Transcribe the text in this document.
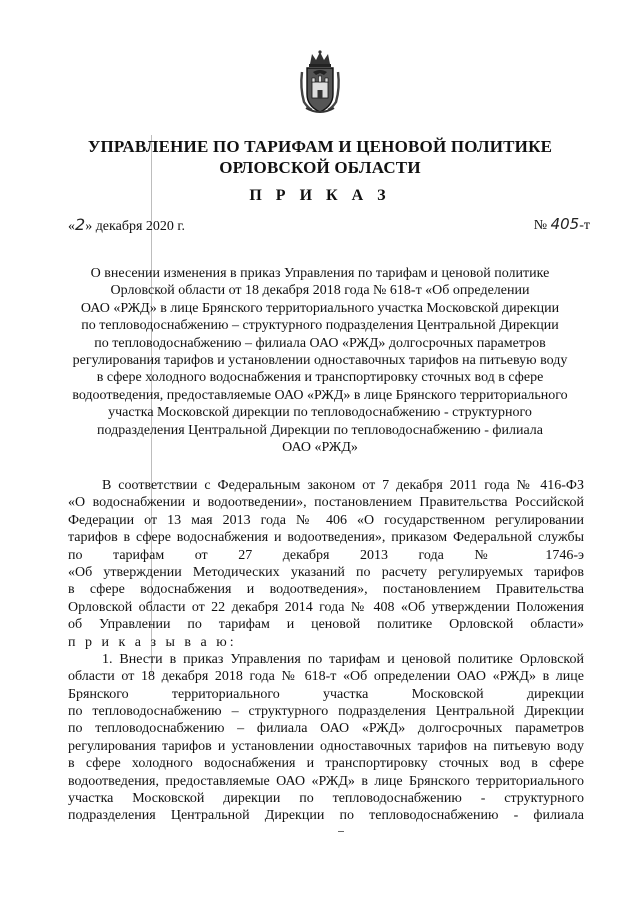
УПРАВЛЕНИЕ ПО ТАРИФАМ И ЦЕНОВОЙ ПОЛИТИКЕ
ОРЛОВСКОЙ ОБЛАСТИ
П Р И К А З
«2» декабря 2020 г.	№ 405-т
О внесении изменения в приказ Управления по тарифам и ценовой политике
Орловской области от 18 декабря 2018 года № 618-т «Об определении
ОАО «РЖД» в лице Брянского территориального участка Московской дирекции
по тепловодоснабжению – структурного подразделения Центральной Дирекции
по тепловодоснабжению – филиала ОАО «РЖД» долгосрочных параметров
регулирования тарифов и установлении одноставочных тарифов на питьевую воду
в сфере холодного водоснабжения и транспортировку сточных вод в сфере
водоотведения, предоставляемые ОАО «РЖД» в лице Брянского территориального
участка Московской дирекции по тепловодоснабжению - структурного
подразделения Центральной Дирекции по тепловодоснабжению - филиала
ОАО «РЖД»
В соответствии с Федеральным законом от 7 декабря 2011 года № 416-ФЗ
«О водоснабжении и водоотведении», постановлением Правительства Российской
Федерации от 13 мая 2013 года № 406 «О государственном регулировании
тарифов в сфере водоснабжения и водоотведения», приказом Федеральной службы
по тарифам от 27 декабря 2013 года № 1746-э
«Об утверждении Методических указаний по расчету регулируемых тарифов
в сфере водоснабжения и водоотведения», постановлением Правительства
Орловской области от 22 декабря 2014 года № 408 «Об утверждении Положения
об Управлении по тарифам и ценовой политике Орловской области»
п р и к а з ы в а ю:
1. Внести в приказ Управления по тарифам и ценовой политике Орловской
области от 18 декабря 2018 года № 618-т «Об определении ОАО «РЖД» в лице
Брянского территориального участка Московской дирекции
по тепловодоснабжению – структурного подразделения Центральной Дирекции
по тепловодоснабжению – филиала ОАО «РЖД» долгосрочных параметров
регулирования тарифов и установлении одноставочных тарифов на питьевую воду
в сфере холодного водоснабжения и транспортировку сточных вод в сфере
водоотведения, предоставляемые ОАО «РЖД» в лице Брянского территориального
участка Московской дирекции по тепловодоснабжению - структурного
подразделения Центральной Дирекции по тепловодоснабжению - филиала
